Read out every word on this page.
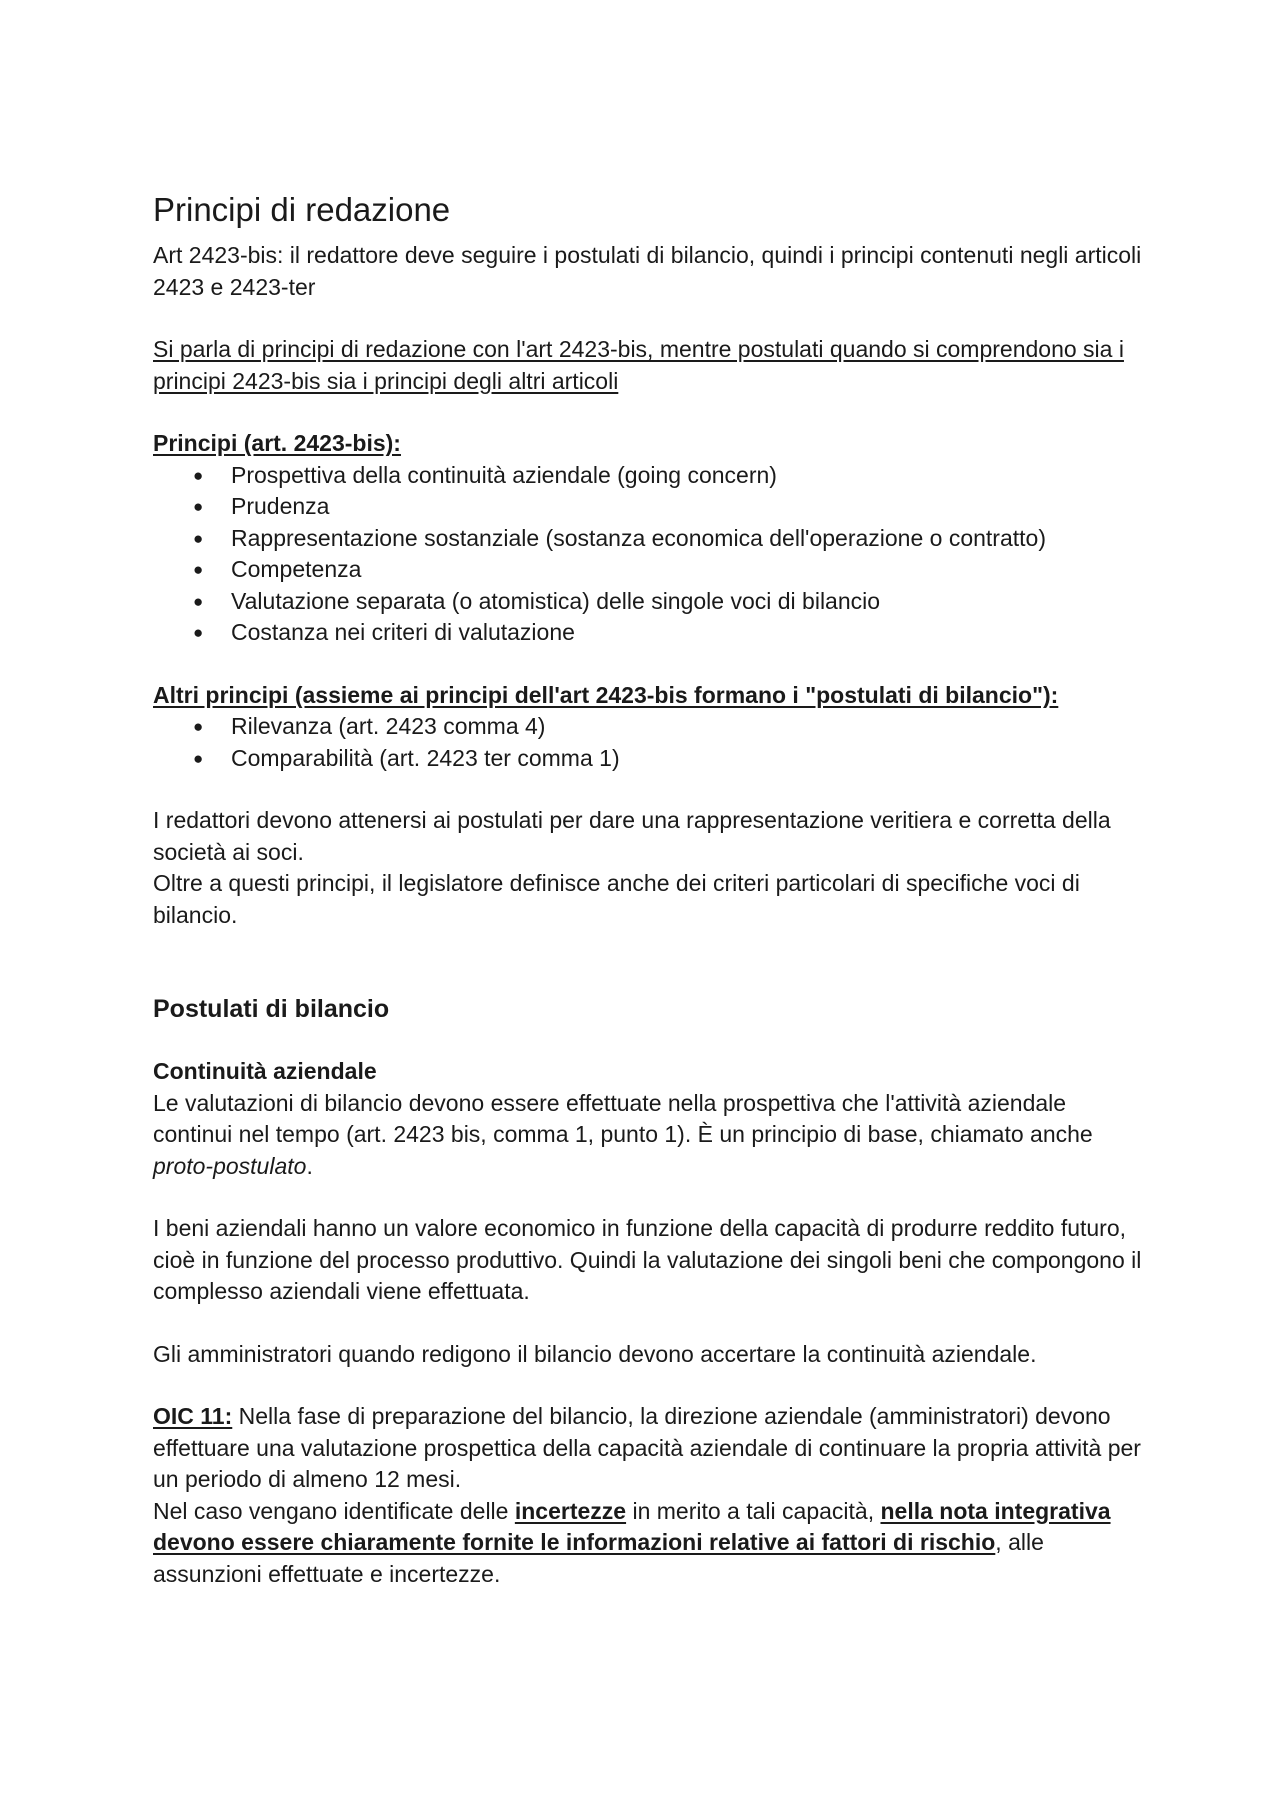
Principi di redazione

Art 2423-bis: il redattore deve seguire i postulati di bilancio, quindi i principi contenuti negli articoli 2423 e 2423-ter

Si parla di principi di redazione con l'art 2423-bis, mentre postulati quando si comprendono sia i principi 2423-bis sia i principi degli altri articoli

Principi (art. 2423-bis):

● Prospettiva della continuità aziendale (going concern)
● Prudenza
● Rappresentazione sostanziale (sostanza economica dell'operazione o contratto)
● Competenza
● Valutazione separata (o atomistica) delle singole voci di bilancio
● Costanza nei criteri di valutazione

Altri principi (assieme ai principi dell'art 2423-bis formano i "postulati di bilancio"):

● Rilevanza (art. 2423 comma 4)
● Comparabilità (art. 2423 ter comma 1)

I redattori devono attenersi ai postulati per dare una rappresentazione veritiera e corretta della società ai soci.

Oltre a questi principi, il legislatore definisce anche dei criteri particolari di specifiche voci di bilancio.

Postulati di bilancio

Continuità aziendale

Le valutazioni di bilancio devono essere effettuate nella prospettiva che l'attività aziendale continui nel tempo (art. 2423 bis, comma 1, punto 1). È un principio di base, chiamato anche proto-postulato.

I beni aziendali hanno un valore economico in funzione della capacità di produrre reddito futuro, cioè in funzione del processo produttivo. Quindi la valutazione dei singoli beni che compongono il complesso aziendali viene effettuata.

Gli amministratori quando redigono il bilancio devono accertare la continuità aziendale.

OIC 11: Nella fase di preparazione del bilancio, la direzione aziendale (amministratori) devono effettuare una valutazione prospettica della capacità aziendale di continuare la propria attività per un periodo di almeno 12 mesi.

Nel caso vengano identificate delle incertezze in merito a tali capacità, nella nota integrativa devono essere chiaramente fornite le informazioni relative ai fattori di rischio, alle assunzioni effettuate e incertezze.
